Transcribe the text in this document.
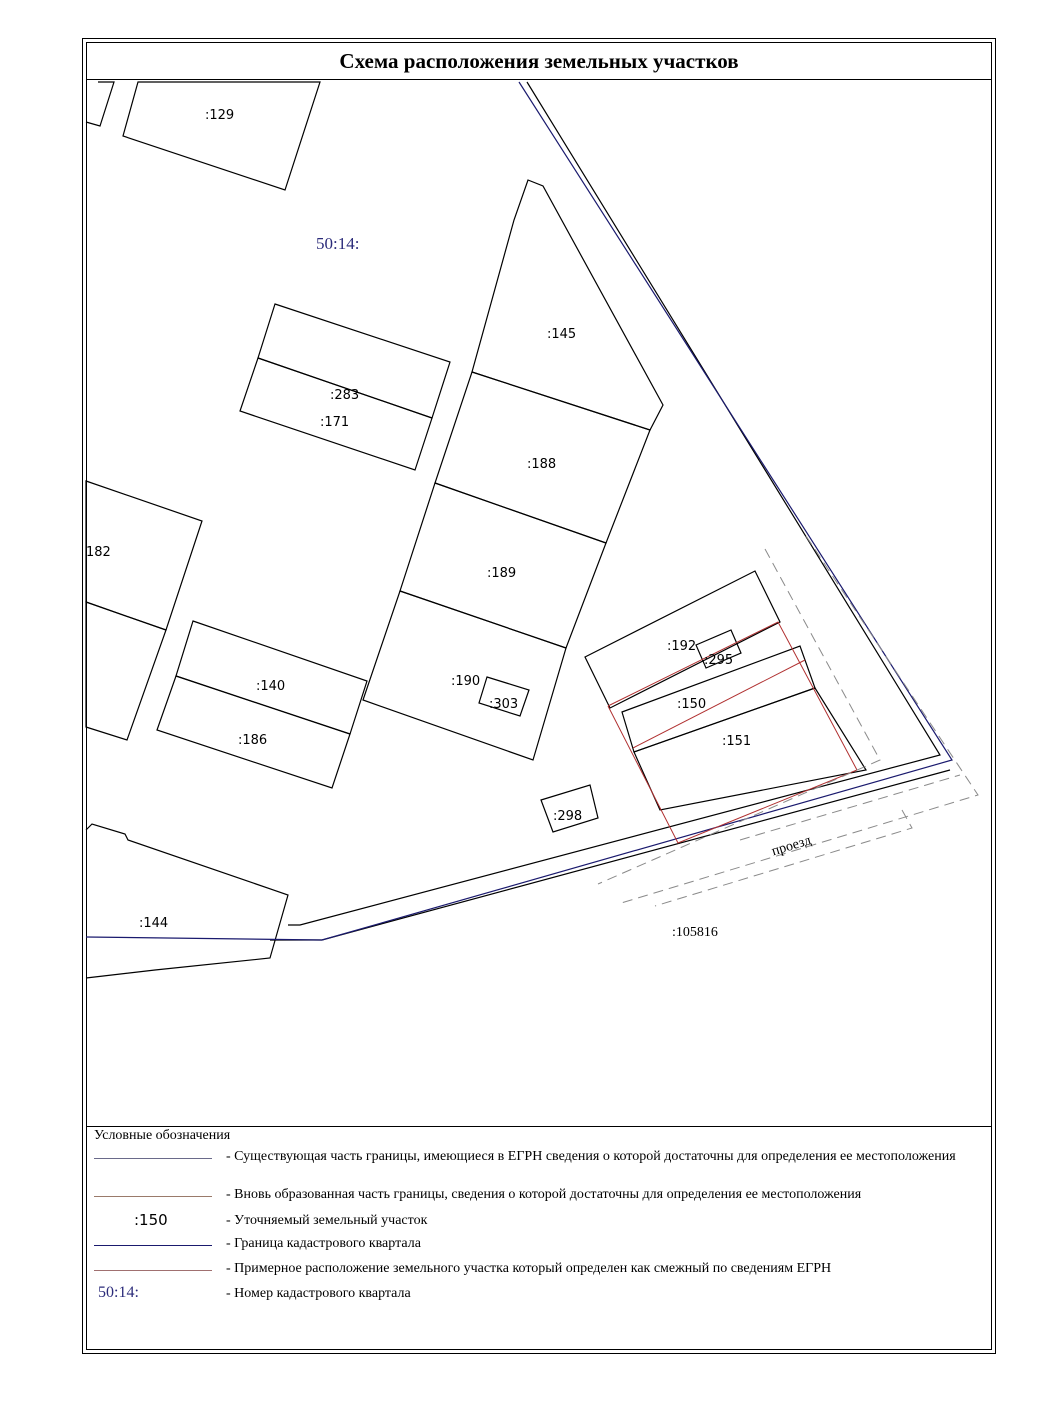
Схема расположения земельных участков
:129
50:14:
:145
:283
:171
:188
182
:189
:192
:295
:140	:190
:150
:303
:151
:186
:298
проезд
:144
:105816
Условные обозначения
- Существующая часть границы, имеющиеся в ЕГРН сведения о которой достаточны для определения ее местоположения
- Вновь образованная часть границы, сведения о которой достаточны для определения ее местоположения
:150	- Уточняемый земельный участок
- Граница кадастрового квартала
- Примерное расположение земельного участка который определен как смежный по сведениям ЕГРН
50:14:	- Номер кадастрового квартала
